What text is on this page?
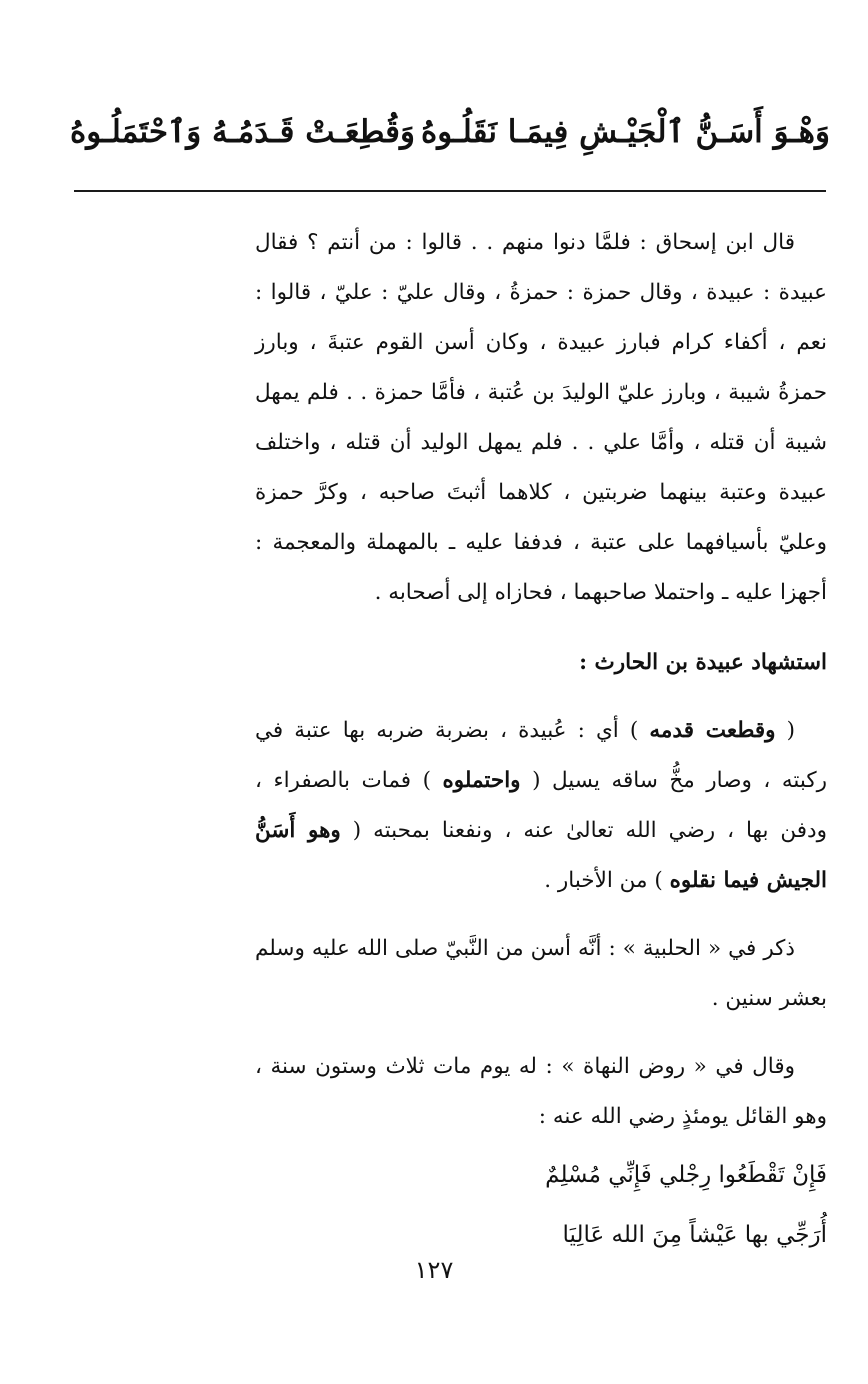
وَقُطِعَـتْ قَـدَمُـهُ وَٱحْتَمَلُـوهُ وَهْـوَ أَسَـنُّ ٱلْجَيْـشِ فِيمَـا نَقَلُـوهُ

قال ابن إسحاق : فلمَّا دنوا منهم . . قالوا : من أنتم ؟ فقال عبيدة : عبيدة ، وقال حمزة : حمزةُ ، وقال عليّ : عليّ ، قالوا : نعم ، أكفاء كرام فبارز عبيدة ، وكان أسن القوم عتبةَ ، وبارز حمزةُ شيبة ، وبارز عليّ الوليدَ بن عُتبة ، فأمَّا حمزة . . فلم يمهل شيبة أن قتله ، وأمَّا علي . . فلم يمهل الوليد أن قتله ، واختلف عبيدة وعتبة بينهما ضربتين ، كلاهما أثبتَ صاحبه ، وكرَّ حمزة وعليّ بأسيافهما على عتبة ، فدففا عليه ـ بالمهملة والمعجمة : أجهزا عليه ـ واحتملا صاحبهما ، فحازاه إلى أصحابه .

استشهاد عبيدة بن الحارث :

( وقطعت قدمه ) أي : عُبيدة ، بضربة ضربه بها عتبة في ركبته ، وصار مخُّ ساقه يسيل ( واحتملوه ) فمات بالصفراء ، ودفن بها ، رضي الله تعالىٰ عنه ، ونفعنا بمحبته ( وهو أَسَنُّ الجيش فيما نقلوه ) من الأخبار .

ذكر في « الحلبية » : أنَّه أسن من النَّبيّ صلى الله عليه وسلم بعشر سنين .

وقال في « روض النهاة » : له يوم مات ثلاث وستون سنة ، وهو القائل يومئذٍ رضي الله عنه :

فَإِنْ تَقْطَعُوا رِجْلي فَإِنِّي مُسْلِمٌ

أُرَجِّي بها عَيْشاً مِنَ الله عَالِيَا

١٢٧
